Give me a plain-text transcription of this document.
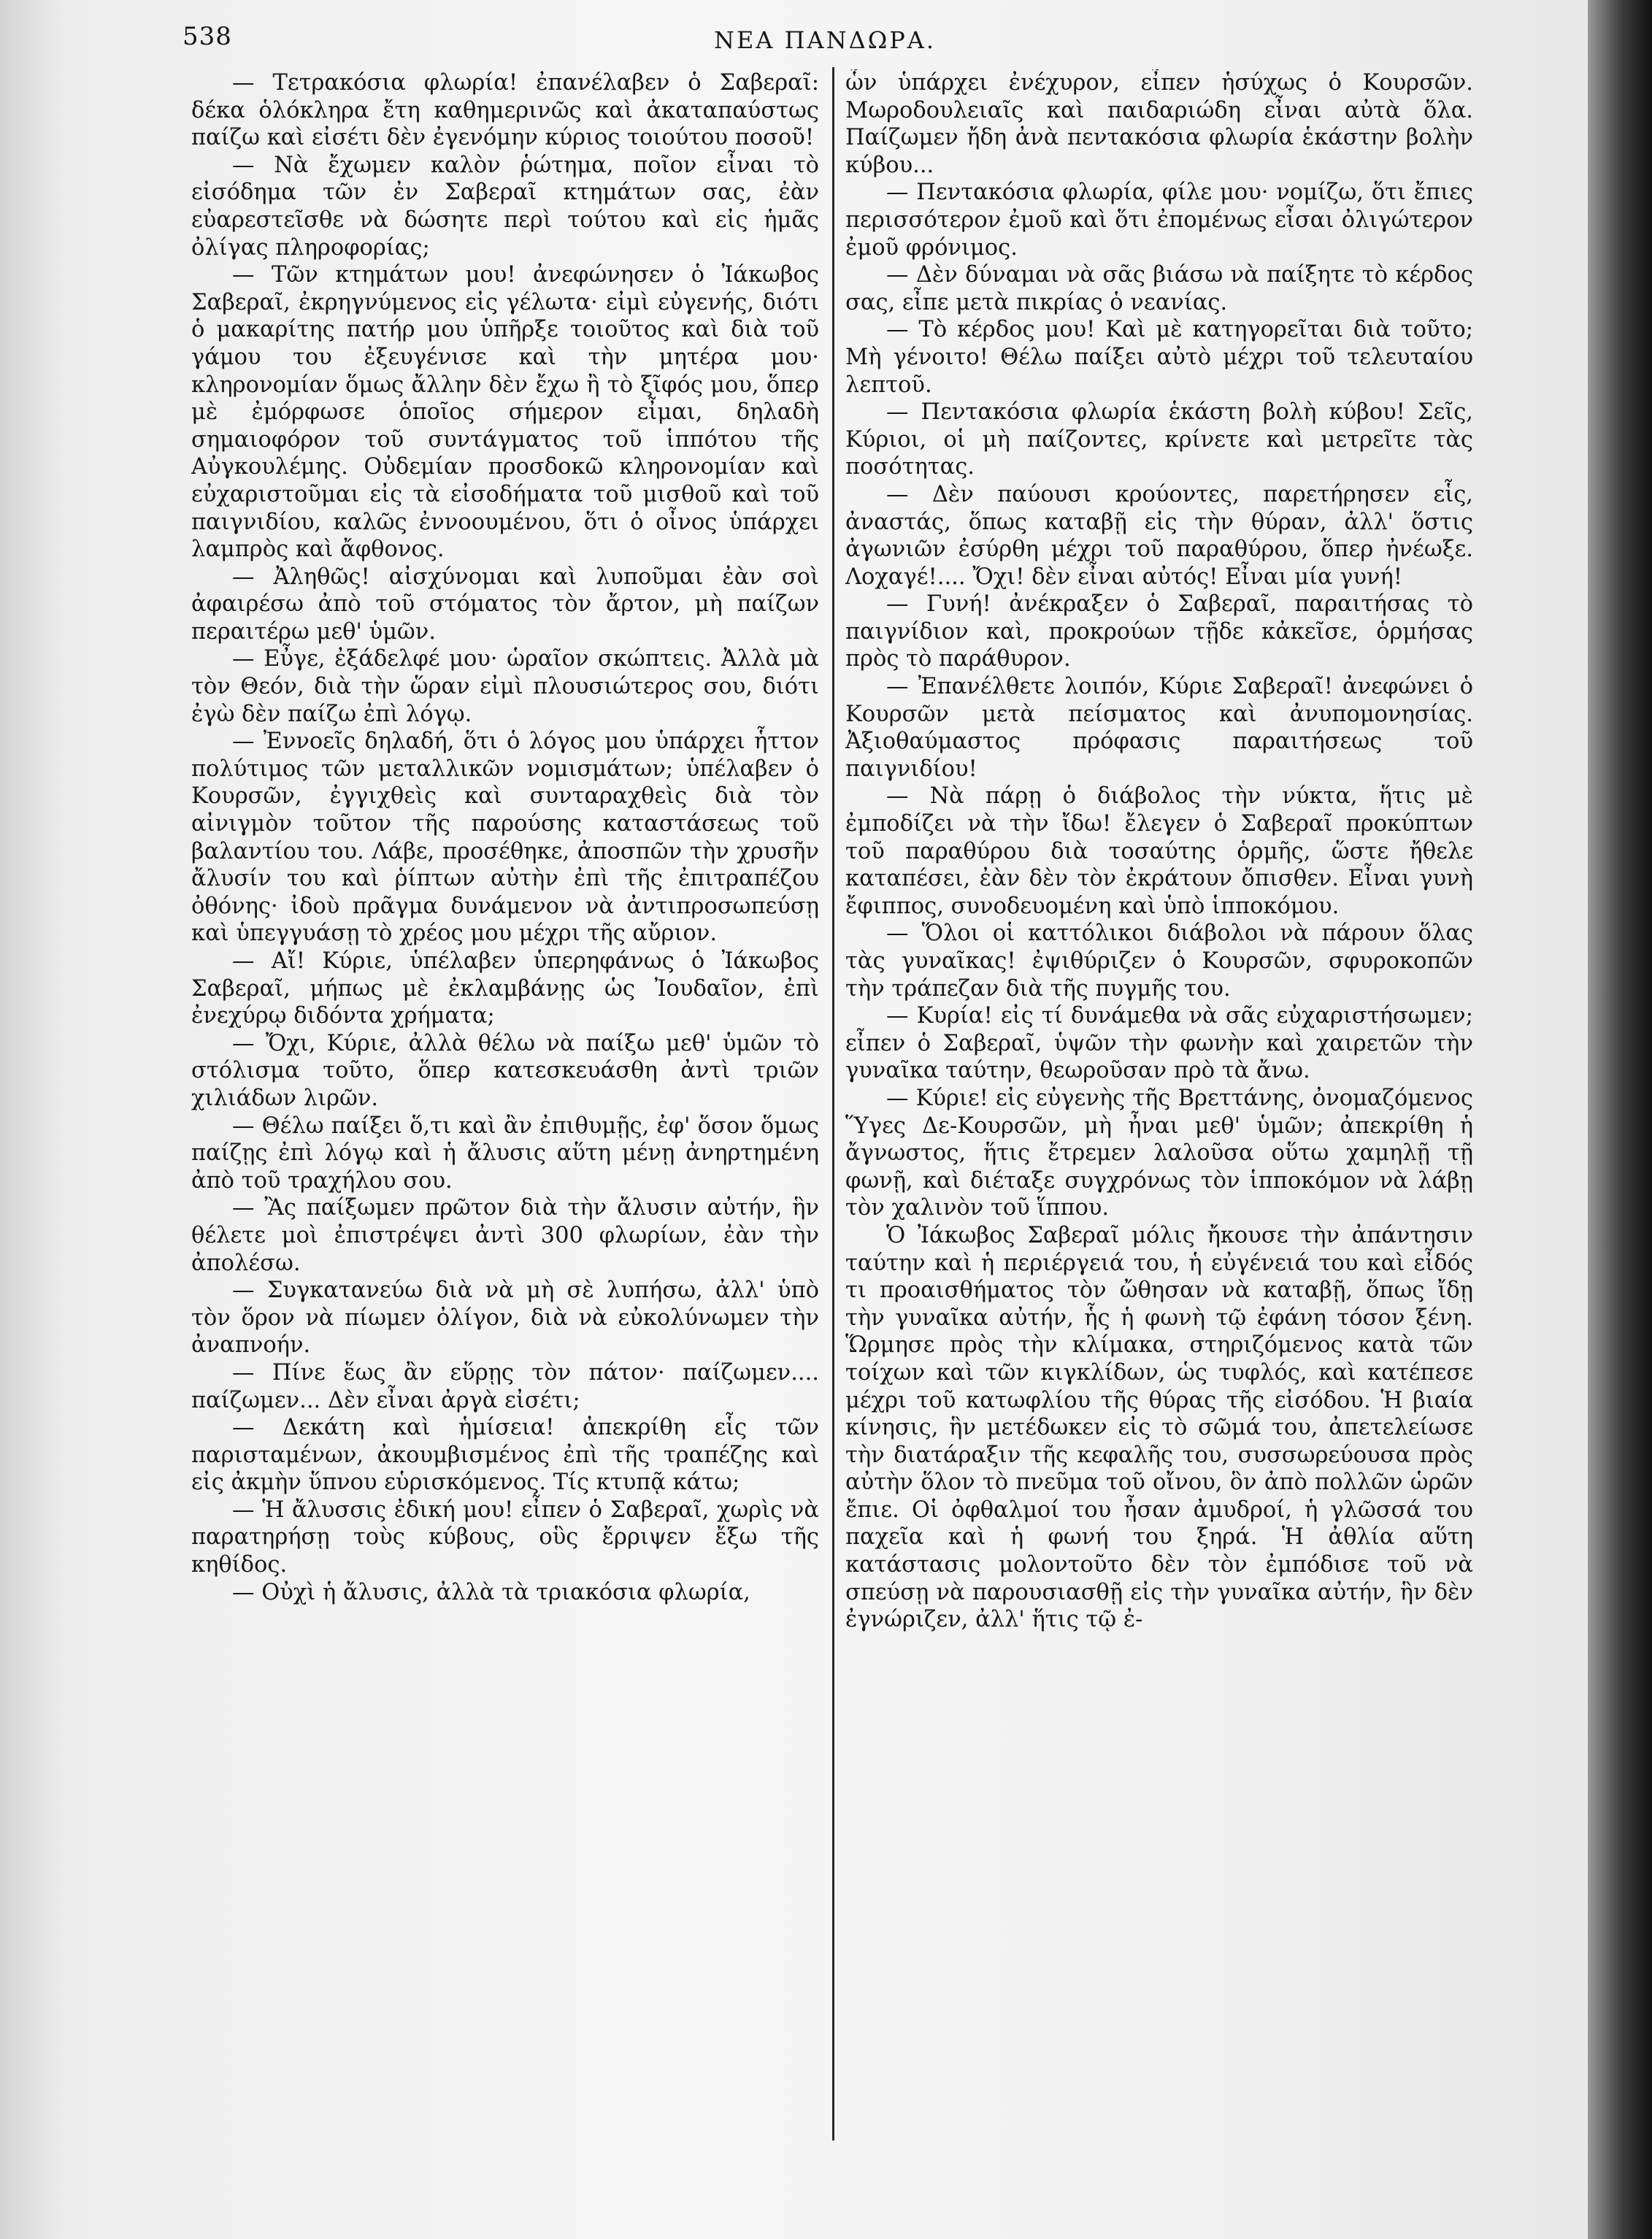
538	ΝΕΑ ΠΑΝΔΩΡΑ.

— Τετρακόσια φλωρία! ἐπανέλαβεν ὁ Σαβεραῖ: δέκα ὁλόκληρα ἔτη καθημερινῶς καὶ ἀκαταπαύστως παίζω καὶ εἰσέτι δὲν ἐγενόμην κύριος τοιούτου ποσοῦ!

— Νὰ ἔχωμεν καλὸν ῥώτημα, ποῖον εἶναι τὸ εἰσόδημα τῶν ἐν Σαβεραῖ κτημάτων σας, ἐὰν εὐαρεστεῖσθε νὰ δώσητε περὶ τούτου καὶ εἰς ἡμᾶς ὀλίγας πληροφορίας;

— Τῶν κτημάτων μου! ἀνεφώνησεν ὁ Ἰάκωβος Σαβεραῖ, ἐκρηγνύμενος εἰς γέλωτα· εἰμὶ εὐγενής, διότι ὁ μακαρίτης πατήρ μου ὑπῆρξε τοιοῦτος καὶ διὰ τοῦ γάμου του ἐξευγένισε καὶ τὴν μητέρα μου· κληρονομίαν ὅμως ἄλλην δὲν ἔχω ἢ τὸ ξῖφός μου, ὅπερ μὲ ἐμόρφωσε ὁποῖος σήμερον εἶμαι, δηλαδὴ σημαιοφόρον τοῦ συντάγματος τοῦ ἱππότου τῆς Αὐγκουλέμης. Οὐδεμίαν προσδοκῶ κληρονομίαν καὶ εὐχαριστοῦμαι εἰς τὰ εἰσοδήματα τοῦ μισθοῦ καὶ τοῦ παιγνιδίου, καλῶς ἐννοουμένου, ὅτι ὁ οἶνος ὑπάρχει λαμπρὸς καὶ ἄφθονος.

— Ἀληθῶς! αἰσχύνομαι καὶ λυποῦμαι ἐὰν σοὶ ἀφαιρέσω ἀπὸ τοῦ στόματος τὸν ἄρτον, μὴ παίζων περαιτέρω μεθ' ὑμῶν.

— Εὖγε, ἐξάδελφέ μου· ὡραῖον σκώπτεις. Ἀλλὰ μὰ τὸν Θεόν, διὰ τὴν ὥραν εἰμὶ πλουσιώτερος σου, διότι ἐγὼ δὲν παίζω ἐπὶ λόγῳ.

— Ἐννοεῖς δηλαδή, ὅτι ὁ λόγος μου ὑπάρχει ἧττον πολύτιμος τῶν μεταλλικῶν νομισμάτων; ὑπέλαβεν ὁ Κουρσῶν, ἐγγιχθεὶς καὶ συνταραχθεὶς διὰ τὸν αἰνιγμὸν τοῦτον τῆς παρούσης καταστάσεως τοῦ βαλαντίου του. Λάβε, προσέθηκε, ἀποσπῶν τὴν χρυσῆν ἄλυσίν του καὶ ῥίπτων αὐτὴν ἐπὶ τῆς ἐπιτραπέζου ὀθόνης· ἰδοὺ πρᾶγμα δυνάμενον νὰ ἀντιπροσωπεύσῃ καὶ ὑπεγγυάσῃ τὸ χρέος μου μέχρι τῆς αὔριον.

— Αἴ! Κύριε, ὑπέλαβεν ὑπερηφάνως ὁ Ἰάκωβος Σαβεραῖ, μήπως μὲ ἐκλαμβάνῃς ὡς Ἰουδαῖον, ἐπὶ ἐνεχύρῳ διδόντα χρήματα;

— Ὄχι, Κύριε, ἀλλὰ θέλω νὰ παίξω μεθ' ὑμῶν τὸ στόλισμα τοῦτο, ὅπερ κατεσκευάσθη ἀντὶ τριῶν χιλιάδων λιρῶν.

— Θέλω παίξει ὅ,τι καὶ ἂν ἐπιθυμῇς, ἐφ' ὅσον ὅμως παίζῃς ἐπὶ λόγῳ καὶ ἡ ἄλυσις αὕτη μένῃ ἀνηρτημένη ἀπὸ τοῦ τραχήλου σου.

— Ἂς παίξωμεν πρῶτον διὰ τὴν ἄλυσιν αὐτήν, ἣν θέλετε μοὶ ἐπιστρέψει ἀντὶ 300 φλωρίων, ἐὰν τὴν ἀπολέσω.

— Συγκατανεύω διὰ νὰ μὴ σὲ λυπήσω, ἀλλ' ὑπὸ τὸν ὅρον νὰ πίωμεν ὀλίγον, διὰ νὰ εὐκολύνωμεν τὴν ἀναπνοήν.

— Πίνε ἕως ἂν εὕρῃς τὸν πάτον· παίζωμεν.... παίζωμεν... Δὲν εἶναι ἀργὰ εἰσέτι;

— Δεκάτη καὶ ἡμίσεια! ἀπεκρίθη εἷς τῶν παρισταμένων, ἀκουμβισμένος ἐπὶ τῆς τραπέζης καὶ εἰς ἀκμὴν ὕπνου εὑρισκόμενος. Τίς κτυπᾷ κάτω;

— Ἡ ἄλυσσις ἐδική μου! εἶπεν ὁ Σαβεραῖ, χωρὶς νὰ παρατηρήσῃ τοὺς κύβους, οὓς ἔρριψεν ἔξω τῆς κηθίδος.

— Οὐχὶ ἡ ἄλυσις, ἀλλὰ τὰ τριακόσια φλωρία,

ὧν ὑπάρχει ἐνέχυρον, εἶπεν ἡσύχως ὁ Κουρσῶν. Μωροδουλειαῖς καὶ παιδαριώδη εἶναι αὐτὰ ὅλα. Παίζωμεν ἤδη ἀνὰ πεντακόσια φλωρία ἑκάστην βολὴν κύβου...

— Πεντακόσια φλωρία, φίλε μου· νομίζω, ὅτι ἔπιες περισσότερον ἐμοῦ καὶ ὅτι ἐπομένως εἶσαι ὀλιγώτερον ἐμοῦ φρόνιμος.

— Δὲν δύναμαι νὰ σᾶς βιάσω νὰ παίξητε τὸ κέρδος σας, εἶπε μετὰ πικρίας ὁ νεανίας.

— Τὸ κέρδος μου! Καὶ μὲ κατηγορεῖται διὰ τοῦτο; Μὴ γένοιτο! Θέλω παίξει αὐτὸ μέχρι τοῦ τελευταίου λεπτοῦ.

— Πεντακόσια φλωρία ἑκάστη βολὴ κύβου! Σεῖς, Κύριοι, οἱ μὴ παίζοντες, κρίνετε καὶ μετρεῖτε τὰς ποσότητας.

— Δὲν παύουσι κρούοντες, παρετήρησεν εἷς, ἀναστάς, ὅπως καταβῇ εἰς τὴν θύραν, ἀλλ' ὅστις ἀγωνιῶν ἐσύρθη μέχρι τοῦ παραθύρου, ὅπερ ἠνέωξε. Λοχαγέ!.... Ὄχι! δὲν εἶναι αὐτός! Εἶναι μία γυνή!

— Γυνή! ἀνέκραξεν ὁ Σαβεραῖ, παραιτήσας τὸ παιγνίδιον καὶ, προκρούων τῇδε κἀκεῖσε, ὁρμήσας πρὸς τὸ παράθυρον.

— Ἐπανέλθετε λοιπόν, Κύριε Σαβεραῖ! ἀνεφώνει ὁ Κουρσῶν μετὰ πείσματος καὶ ἀνυπομονησίας. Ἀξιοθαύμαστος πρόφασις παραιτήσεως τοῦ παιγνιδίου!

— Νὰ πάρῃ ὁ διάβολος τὴν νύκτα, ἥτις μὲ ἐμποδίζει νὰ τὴν ἴδω! ἔλεγεν ὁ Σαβεραῖ προκύπτων τοῦ παραθύρου διὰ τοσαύτης ὁρμῆς, ὥστε ἤθελε καταπέσει, ἐὰν δὲν τὸν ἐκράτουν ὄπισθεν. Εἶναι γυνὴ ἔφιππος, συνοδευομένη καὶ ὑπὸ ἱπποκόμου.

— Ὅλοι οἱ καττόλικοι διάβολοι νὰ πάρουν ὅλας τὰς γυναῖκας! ἐψιθύριζεν ὁ Κουρσῶν, σφυροκοπῶν τὴν τράπεζαν διὰ τῆς πυγμῆς του.

— Κυρία! εἰς τί δυνάμεθα νὰ σᾶς εὐχαριστήσωμεν; εἶπεν ὁ Σαβεραῖ, ὑψῶν τὴν φωνὴν καὶ χαιρετῶν τὴν γυναῖκα ταύτην, θεωροῦσαν πρὸ τὰ ἄνω.

— Κύριε! εἰς εὐγενὴς τῆς Βρεττάνης, ὀνομαζόμενος Ὕγες Δε-Κουρσῶν, μὴ ἦναι μεθ' ὑμῶν; ἀπεκρίθη ἡ ἄγνωστος, ἥτις ἔτρεμεν λαλοῦσα οὕτω χαμηλῇ τῇ φωνῇ, καὶ διέταξε συγχρόνως τὸν ἱπποκόμον νὰ λάβῃ τὸν χαλινὸν τοῦ ἵππου.

Ὁ Ἰάκωβος Σαβεραῖ μόλις ἤκουσε τὴν ἀπάντησιν ταύτην καὶ ἡ περιέργειά του, ἡ εὐγένειά του καὶ εἶδός τι προαισθήματος τὸν ὤθησαν νὰ καταβῇ, ὅπως ἴδῃ τὴν γυναῖκα αὐτήν, ἧς ἡ φωνὴ τῷ ἐφάνη τόσον ξένη. Ὥρμησε πρὸς τὴν κλίμακα, στηριζόμενος κατὰ τῶν τοίχων καὶ τῶν κιγκλίδων, ὡς τυφλός, καὶ κατέπεσε μέχρι τοῦ κατωφλίου τῆς θύρας τῆς εἰσόδου. Ἡ βιαία κίνησις, ἣν μετέδωκεν εἰς τὸ σῶμά του, ἀπετελείωσε τὴν διατάραξιν τῆς κεφαλῆς του, συσσωρεύουσα πρὸς αὐτὴν ὅλον τὸ πνεῦμα τοῦ οἴνου, ὃν ἀπὸ πολλῶν ὡρῶν ἔπιε. Οἱ ὀφθαλμοί του ἦσαν ἀμυδροί, ἡ γλῶσσά του παχεῖα καὶ ἡ φωνή του ξηρά. Ἡ ἀθλία αὕτη κατάστασις μολοντοῦτο δὲν τὸν ἐμπόδισε τοῦ νὰ σπεύσῃ νὰ παρουσιασθῇ εἰς τὴν γυναῖκα αὐτήν, ἣν δὲν ἐγνώριζεν, ἀλλ' ἥτις τῷ ἐ-
